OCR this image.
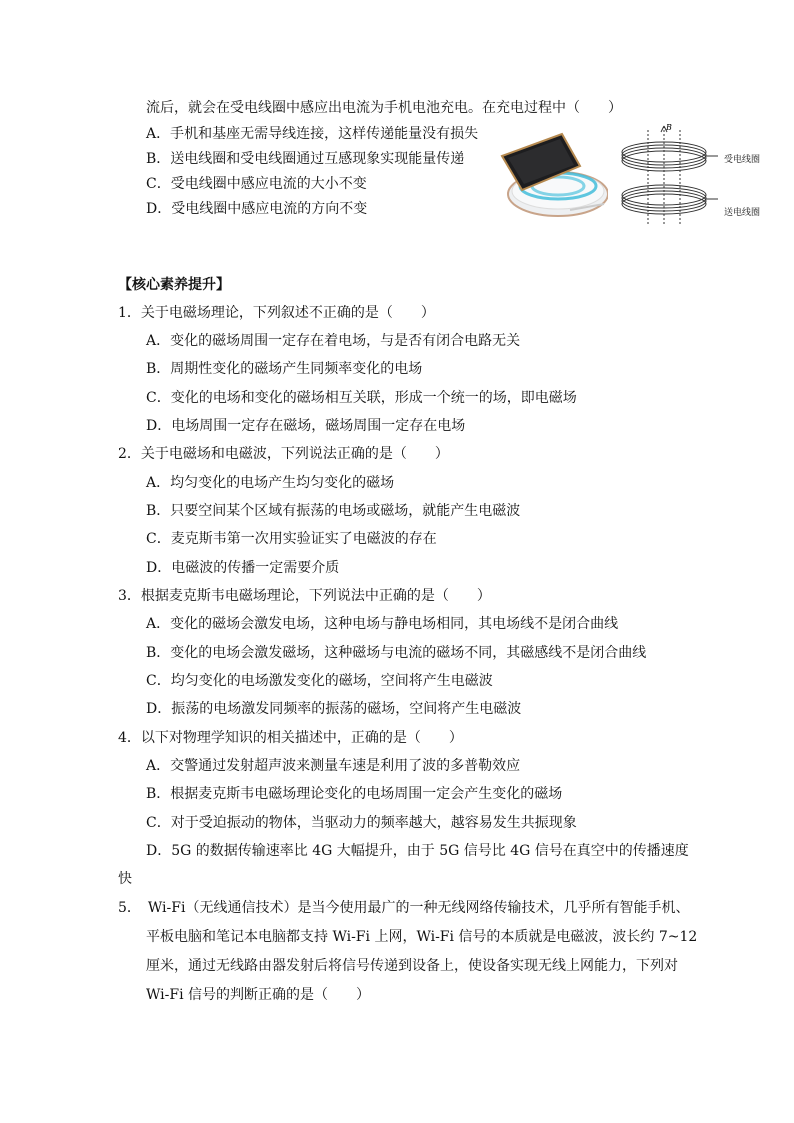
流后，就会在受电线圈中感应出电流为手机电池充电。在充电过程中（　　）
A．手机和基座无需导线连接，这样传递能量没有损失
B．送电线圈和受电线圈通过互感现象实现能量传递
C．受电线圈中感应电流的大小不变
D．受电线圈中感应电流的方向不变
B
受电线圈
送电线圈
【核心素养提升】
1．关于电磁场理论，下列叙述不正确的是（　　）
A．变化的磁场周围一定存在着电场，与是否有闭合电路无关
B．周期性变化的磁场产生同频率变化的电场
C．变化的电场和变化的磁场相互关联，形成一个统一的场，即电磁场
D．电场周围一定存在磁场，磁场周围一定存在电场
2．关于电磁场和电磁波，下列说法正确的是（　　）
A．均匀变化的电场产生均匀变化的磁场
B．只要空间某个区域有振荡的电场或磁场，就能产生电磁波
C．麦克斯韦第一次用实验证实了电磁波的存在
D．电磁波的传播一定需要介质
3．根据麦克斯韦电磁场理论，下列说法中正确的是（　　）
A．变化的磁场会激发电场，这种电场与静电场相同，其电场线不是闭合曲线
B．变化的电场会激发磁场，这种磁场与电流的磁场不同，其磁感线不是闭合曲线
C．均匀变化的电场激发变化的磁场，空间将产生电磁波
D．振荡的电场激发同频率的振荡的磁场，空间将产生电磁波
4．以下对物理学知识的相关描述中，正确的是（　　）
A．交警通过发射超声波来测量车速是利用了波的多普勒效应
B．根据麦克斯韦电磁场理论变化的电场周围一定会产生变化的磁场
C．对于受迫振动的物体，当驱动力的频率越大，越容易发生共振现象
D．5G 的数据传输速率比 4G 大幅提升，由于 5G 信号比 4G 信号在真空中的传播速度
快
5．　Wi-Fi（无线通信技术）是当今使用最广的一种无线网络传输技术，几乎所有智能手机、
平板电脑和笔记本电脑都支持 Wi-Fi 上网，Wi-Fi 信号的本质就是电磁波，波长约 7~12
厘米，通过无线路由器发射后将信号传递到设备上，使设备实现无线上网能力，下列对
Wi-Fi 信号的判断正确的是（　　）
